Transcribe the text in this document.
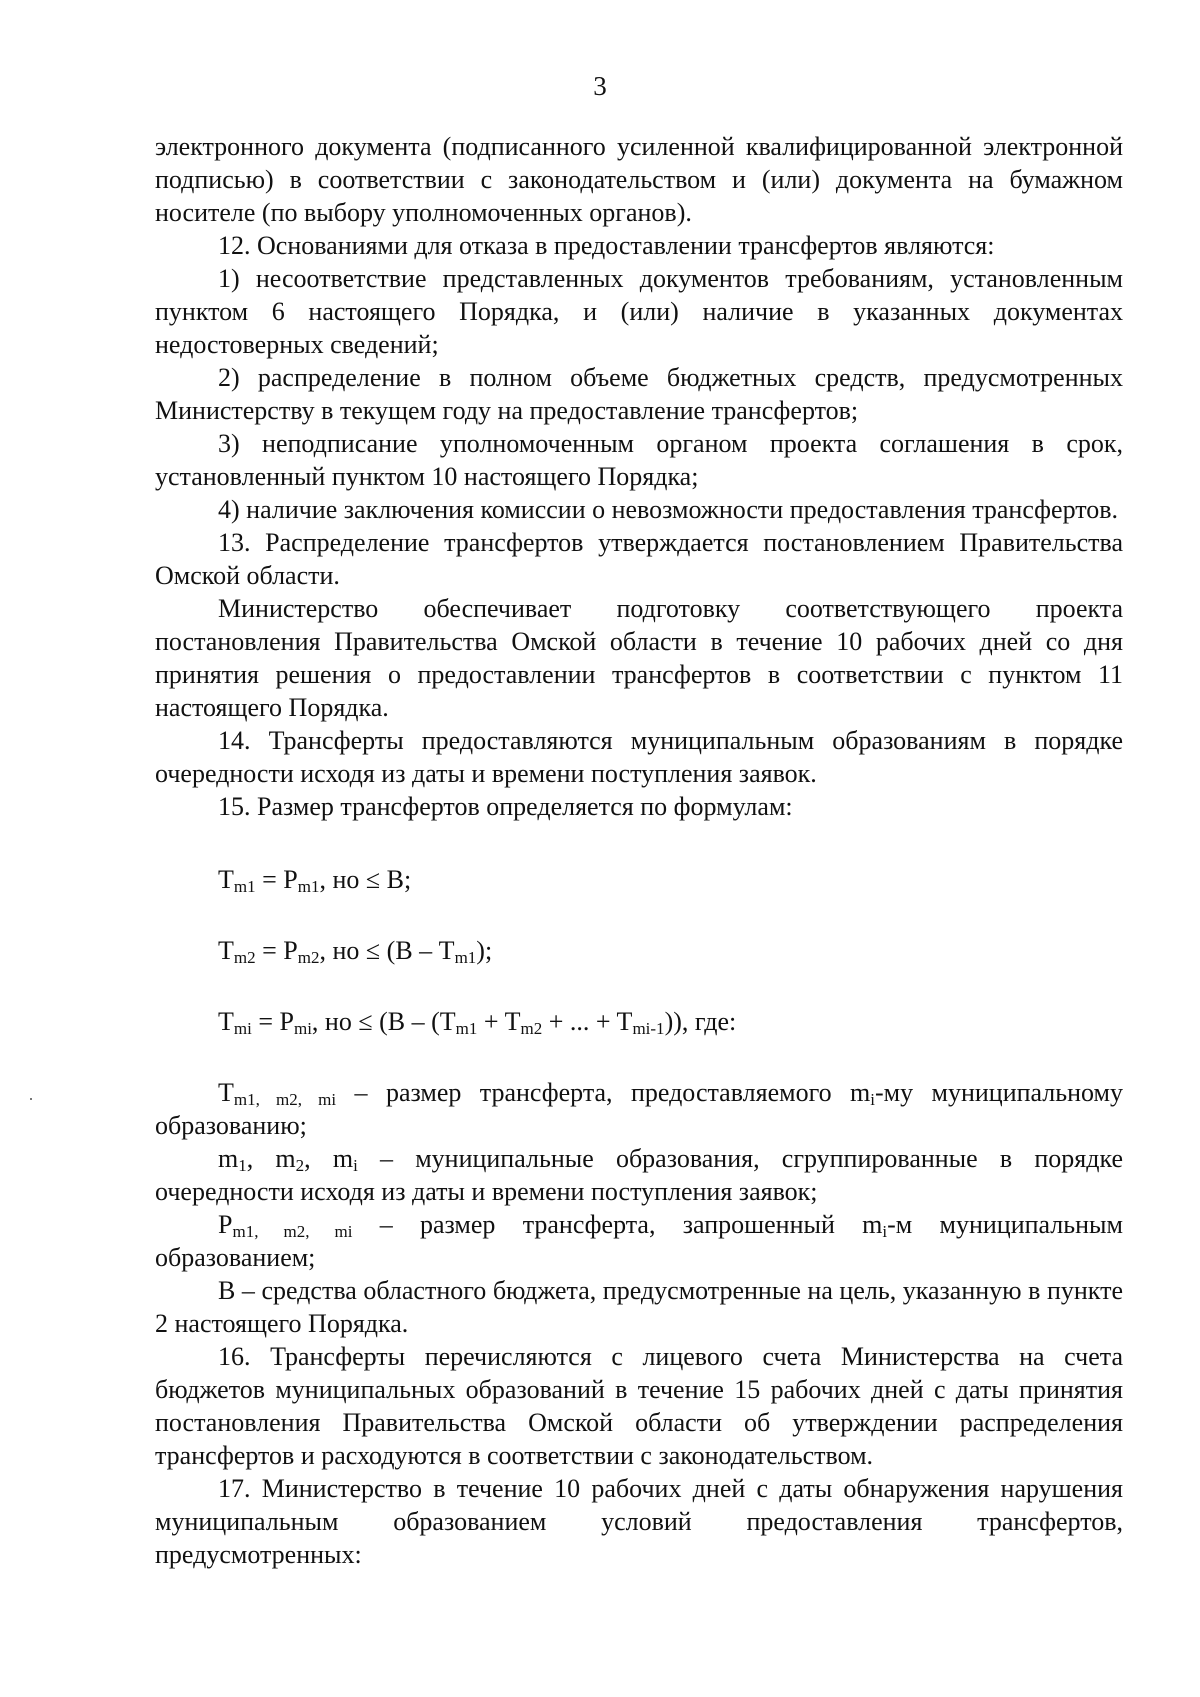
3

электронного документа (подписанного усиленной квалифицированной электронной подписью) в соответствии с законодательством и (или) документа на бумажном носителе (по выбору уполномоченных органов).

12. Основаниями для отказа в предоставлении трансфертов являются:

1) несоответствие представленных документов требованиям, установленным пунктом 6 настоящего Порядка, и (или) наличие в указанных документах недостоверных сведений;

2) распределение в полном объеме бюджетных средств, предусмотренных Министерству в текущем году на предоставление трансфертов;

3) неподписание уполномоченным органом проекта соглашения в срок, установленный пунктом 10 настоящего Порядка;

4) наличие заключения комиссии о невозможности предоставления трансфертов.

13. Распределение трансфертов утверждается постановлением Правительства Омской области.

Министерство обеспечивает подготовку соответствующего проекта постановления Правительства Омской области в течение 10 рабочих дней со дня принятия решения о предоставлении трансфертов в соответствии с пунктом 11 настоящего Порядка.

14. Трансферты предоставляются муниципальным образованиям в порядке очередности исходя из даты и времени поступления заявок.

15. Размер трансфертов определяется по формулам:

$T_{m1} = P_{m1}$, но ≤ В;

$T_{m2} = P_{m2}$, но ≤ $(В - T_{m1})$;

$T_{mi} = P_{mi}$, но ≤ ($В - (T_{m1} + T_{m2}$ + ... + $T_{mi-1}$)), где:

$T_{m1, m2, mi}$ – размер трансферта, предоставляемого $m_i-му$ муниципальному образованию;

$m_1$, $m_2$, $m_i$ – муниципальные образования, сгруппированные в порядке очередности исходя из даты и времени поступления заявок;

$P_{m1, m2, mi}$ – размер трансферта, запрошенный $m_i-м$ муниципальным образованием;

В – средства областного бюджета, предусмотренные на цель, указанную в пункте 2 настоящего Порядка.

16. Трансферты перечисляются с лицевого счета Министерства на счета бюджетов муниципальных образований в течение 15 рабочих дней с даты принятия постановления Правительства Омской области об утверждении распределения трансфертов и расходуются в соответствии с законодательством.

17. Министерство в течение 10 рабочих дней с даты обнаружения нарушения муниципальным образованием условий предоставления трансфертов, предусмотренных:
